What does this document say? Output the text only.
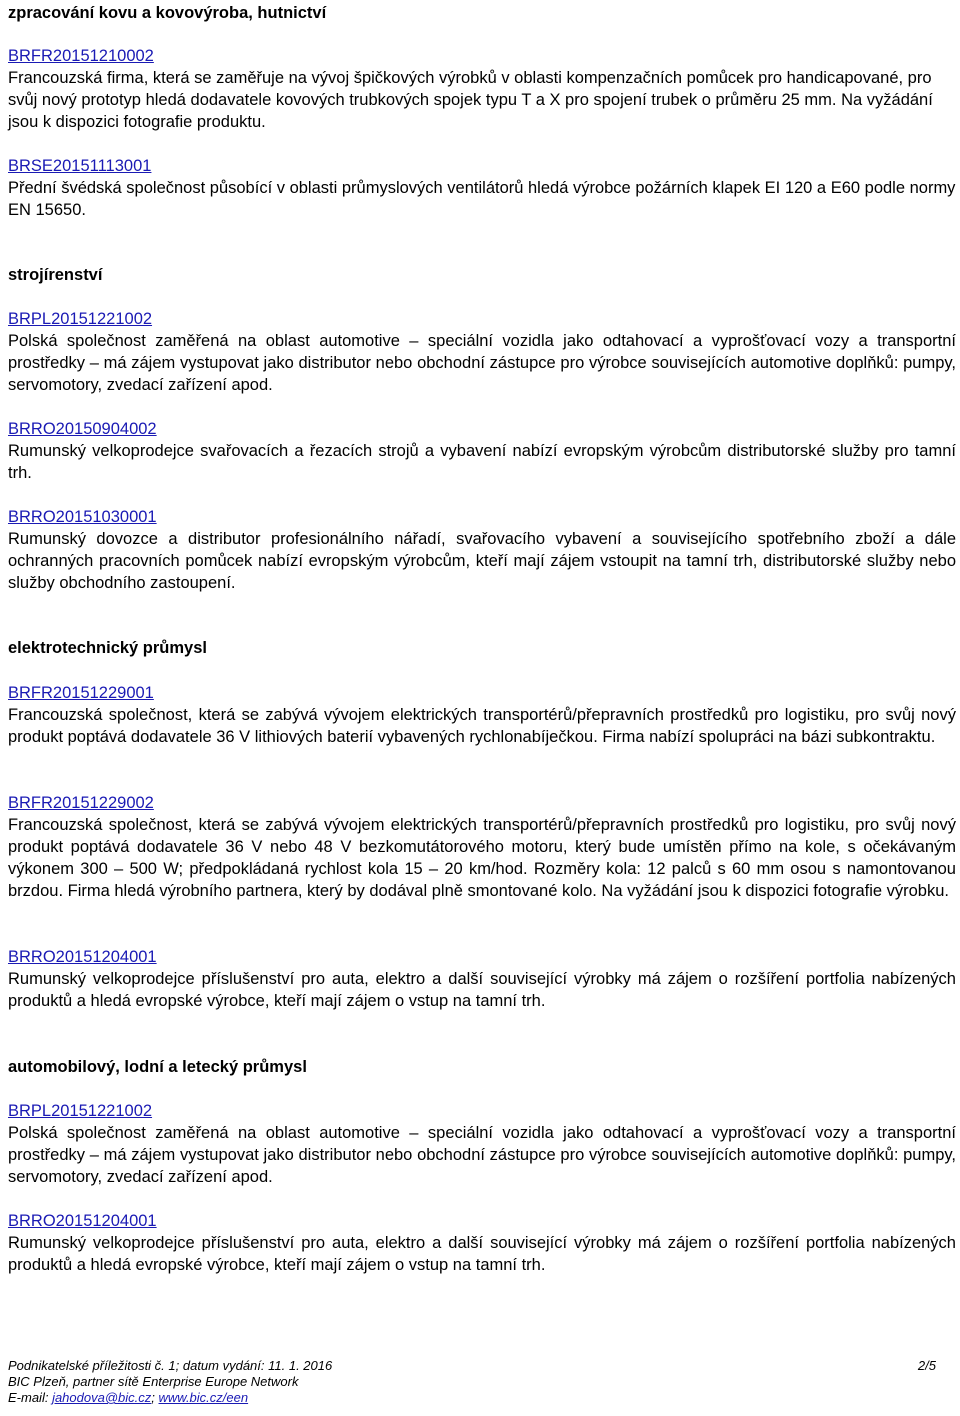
zpracování kovu a kovovýroba, hutnictví

BRFR20151210002

Francouzská firma, která se zaměřuje na vývoj špičkových výrobků v oblasti kompenzačních pomůcek pro handicapované, pro svůj nový prototyp hledá dodavatele kovových trubkových spojek typu T a X pro spojení trubek o průměru 25 mm. Na vyžádání jsou k dispozici fotografie produktu.

BRSE20151113001

Přední švédská společnost působící v oblasti průmyslových ventilátorů hledá výrobce požárních klapek EI 120 a E60 podle normy EN 15650.

strojírenství

BRPL20151221002

Polská společnost zaměřená na oblast automotive – speciální vozidla jako odtahovací a vyprošťovací vozy a transportní prostředky – má zájem vystupovat jako distributor nebo obchodní zástupce pro výrobce souvisejících automotive doplňků: pumpy, servomotory, zvedací zařízení apod.

BRRO20150904002

Rumunský velkoprodejce svařovacích a řezacích strojů a vybavení nabízí evropským výrobcům distributorské služby pro tamní trh.

BRRO20151030001

Rumunský dovozce a distributor profesionálního nářadí, svařovacího vybavení a souvisejícího spotřebního zboží a dále ochranných pracovních pomůcek nabízí evropským výrobcům, kteří mají zájem vstoupit na tamní trh, distributorské služby nebo služby obchodního zastoupení.

elektrotechnický průmysl

BRFR20151229001

Francouzská společnost, která se zabývá vývojem elektrických transportérů/přepravních prostředků pro logistiku, pro svůj nový produkt poptává dodavatele 36 V lithiových baterií vybavených rychlonabíječkou. Firma nabízí spolupráci na bázi subkontraktu.

BRFR20151229002

Francouzská společnost, která se zabývá vývojem elektrických transportérů/přepravních prostředků pro logistiku, pro svůj nový produkt poptává dodavatele 36 V nebo 48 V bezkomutátorového motoru, který bude umístěn přímo na kole, s očekávaným výkonem 300 – 500 W; předpokládaná rychlost kola 15 – 20 km/hod. Rozměry kola: 12 palců s 60 mm osou s namontovanou brzdou. Firma hledá výrobního partnera, který by dodával plně smontované kolo. Na vyžádání jsou k dispozici fotografie výrobku.

BRRO20151204001

Rumunský velkoprodejce příslušenství pro auta, elektro a další související výrobky má zájem o rozšíření portfolia nabízených produktů a hledá evropské výrobce, kteří mají zájem o vstup na tamní trh.

automobilový, lodní a letecký průmysl

BRPL20151221002

Polská společnost zaměřená na oblast automotive – speciální vozidla jako odtahovací a vyprošťovací vozy a transportní prostředky – má zájem vystupovat jako distributor nebo obchodní zástupce pro výrobce souvisejících automotive doplňků: pumpy, servomotory, zvedací zařízení apod.

BRRO20151204001

Rumunský velkoprodejce příslušenství pro auta, elektro a další související výrobky má zájem o rozšíření portfolia nabízených produktů a hledá evropské výrobce, kteří mají zájem o vstup na tamní trh.

Podnikatelské příležitosti č. 1; datum vydání: 11. 1. 2016	2/5
BIC Plzeň, partner sítě Enterprise Europe Network
E-mail: jahodova@bic.cz; www.bic.cz/een
